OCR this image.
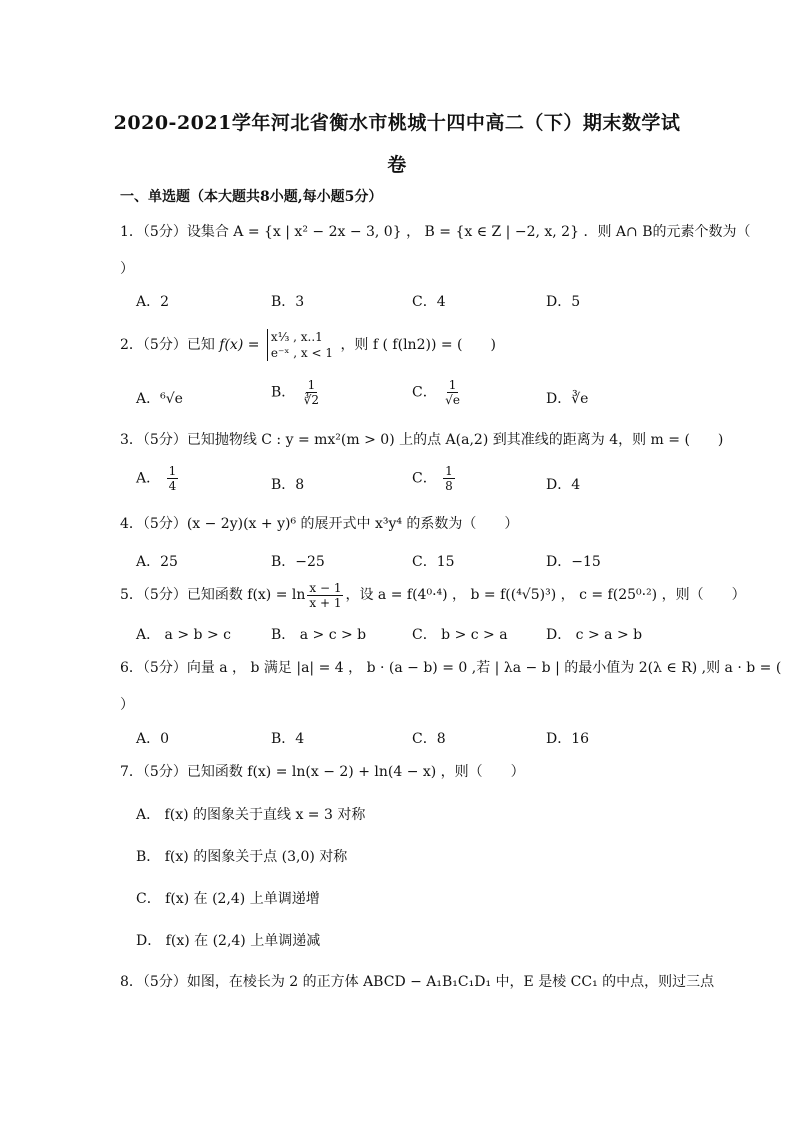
2020-2021学年河北省衡水市桃城十四中高二（下）期末数学试
卷
一、单选题（本大题共8小题,每小题5分）
1．（5分）设集合 A = {x | x² − 2x − 3, 0} ， B = {x ∈ Z | −2, x, 2} ．则 A∩ B的元素个数为（
）
A．2	B．3	C．4	D．5
2．（5分）已知 f(x) = x⅓ , x..1
e⁻ˣ , x < 1 ，则 f ( f(ln2)) = (　　)
A．⁶√e	B． $\frac{1}{∛2}$	C． $\frac{1}{√e}$	D．∛e
3．（5分）已知抛物线 C : y = mx²(m > 0) 上的点 A(a,2) 到其准线的距离为 4，则 m = (　　)
A． $\frac{1}{4}$	B．8	C． $\frac{1}{8}$	D．4
4．（5分）(x − 2y)(x + y)⁶ 的展开式中 x³y⁴ 的系数为（　　）
A．25	B．−25	C．15	D．−15
5．（5分）已知函数 $f(x) = \ln \frac{x - 1}{x + 1}$ ，设 a = f(4⁰·⁴) ， b = f((⁴√5)³) ， c = f(25⁰·²) ，则（　　）
A． a > b > c	B． a > c > b	C． b > c > a	D． c > a > b
6．（5分）向量 a ， b 满足 |a| = 4 ， b · (a − b) = 0 ,若 | λa − b | 的最小值为 2(λ ∈ R) ,则 a · b = (
）
A．0	B．4	C．8	D．16
7．（5分）已知函数 f(x) = ln(x − 2) + ln(4 − x) ，则（　　）
A． f(x) 的图象关于直线 x = 3 对称
B． f(x) 的图象关于点 (3,0) 对称
C． f(x) 在 (2,4) 上单调递增
D． f(x) 在 (2,4) 上单调递减
8．（5分）如图，在棱长为 2 的正方体 ABCD − A₁B₁C₁D₁ 中，E 是棱 CC₁ 的中点，则过三点
